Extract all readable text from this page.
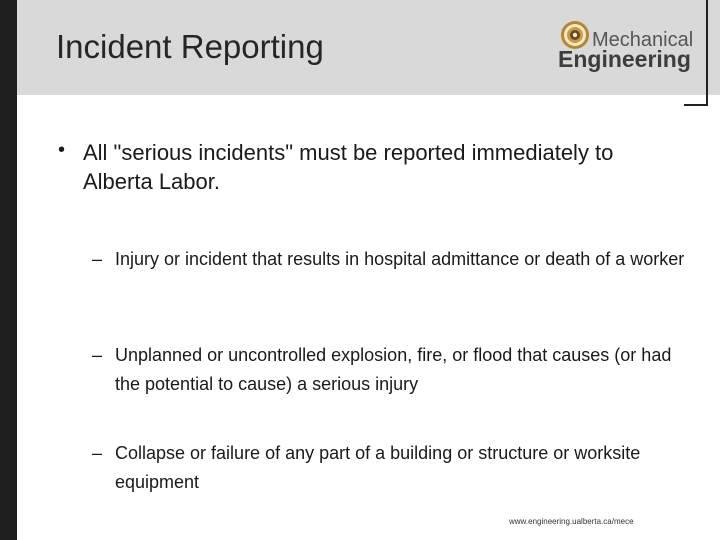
Incident Reporting	Mechanical
Engineering
• All "serious incidents" must be reported immediately to Alberta Labor.
– Injury or incident that results in hospital admittance or death of a worker
– Unplanned or uncontrolled explosion, fire, or flood that causes (or had the potential to cause) a serious injury
– Collapse or failure of any part of a building or structure or worksite equipment
www.engineering.ualberta.ca/mece
